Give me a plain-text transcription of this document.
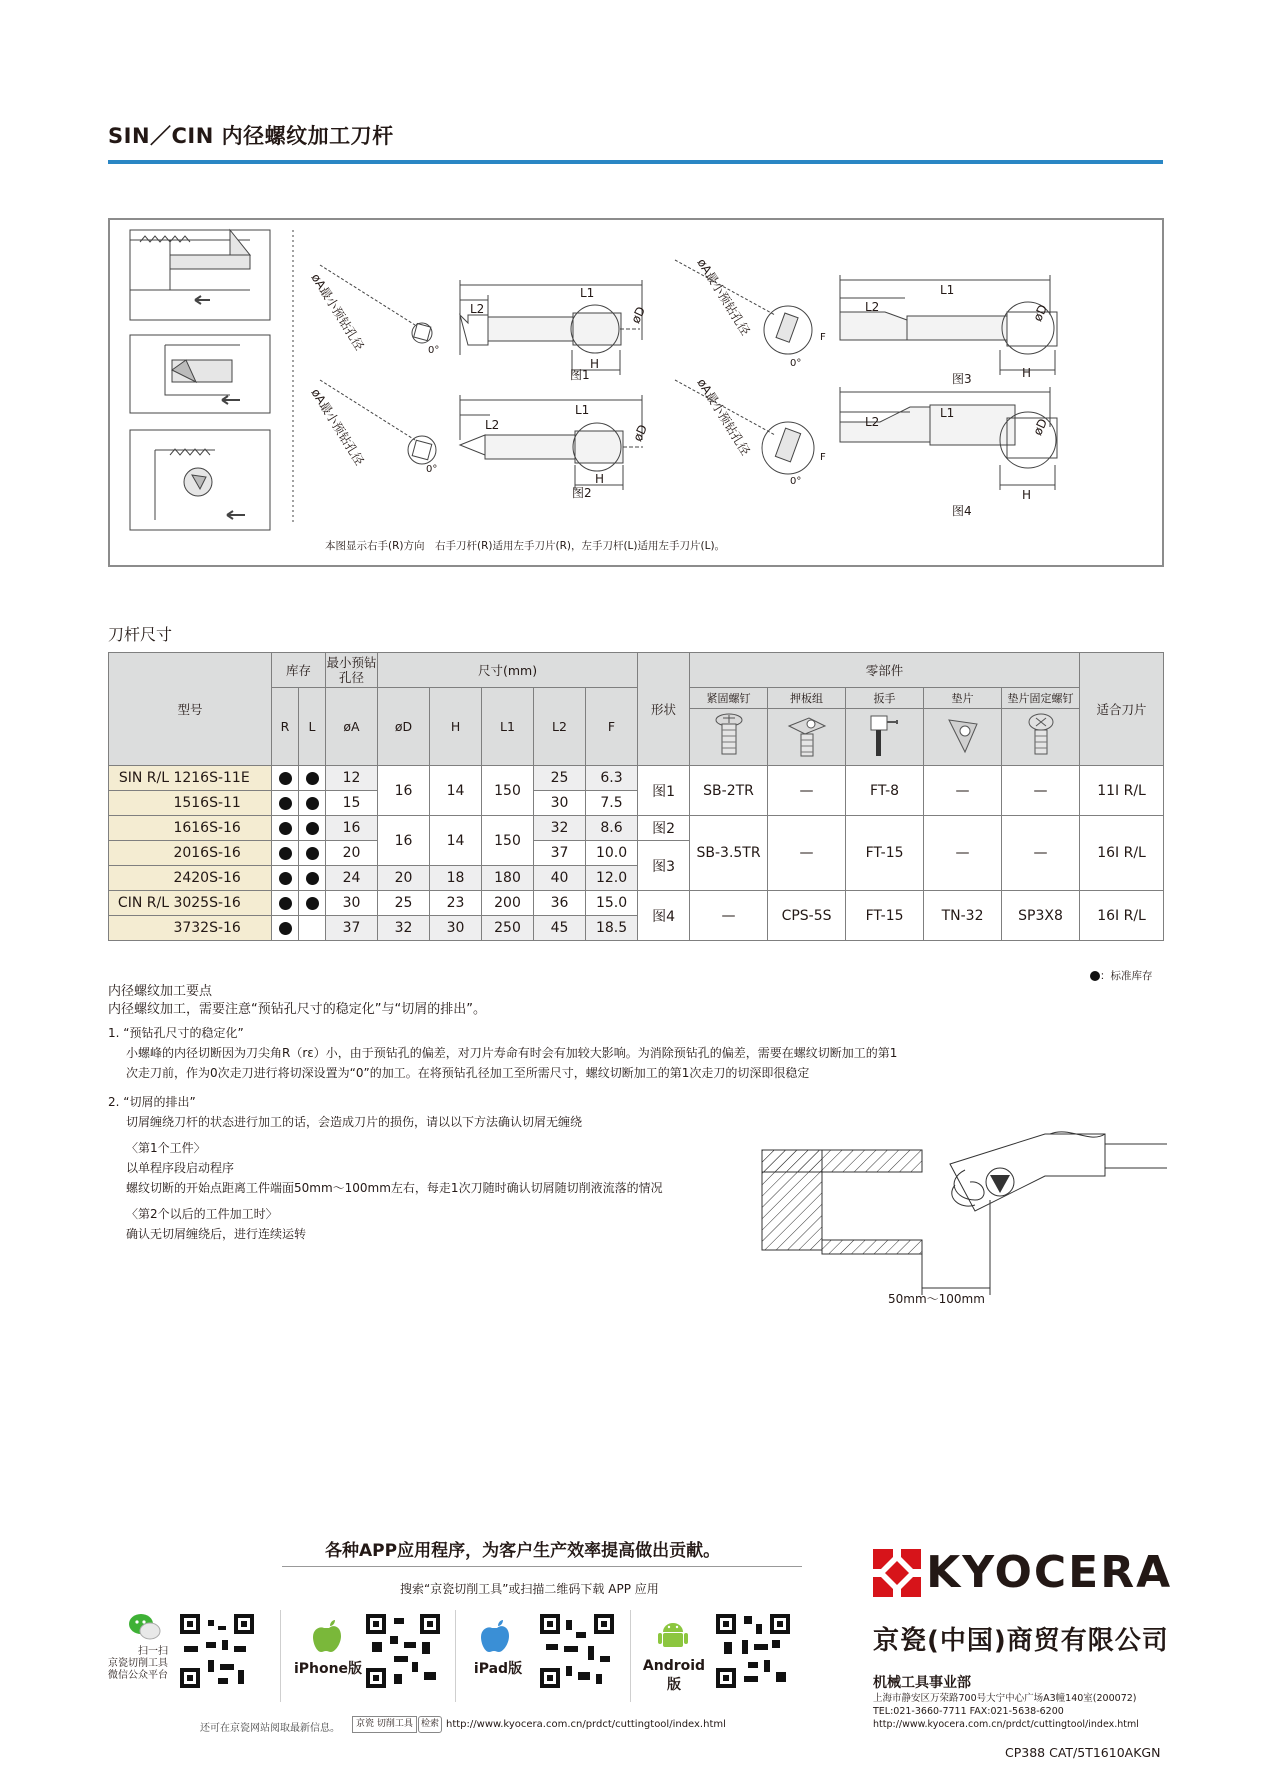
SIN／CIN 内径螺纹加工刀杆
图1
图2
图3
图4
L1
L2
H
L1
L2
H
L1
L2
H
L1
L2
H
øD
øD
øD
øD
øA最小预钻孔径
øA最小预钻孔径
øA最小预钻孔径
øA最小预钻孔径
0°
0°
0°
0°
F
F
本图显示右手(R)方向　右手刀杆(R)适用左手刀片(R)，左手刀杆(L)适用左手刀片(L)。
刀杆尺寸
型号	库存		最小预钻孔径	尺寸(mm)					形状	零部件					适合刀片
	R	L	øA	øD	H	L1	L2	F		紧固螺钉	押板组	扳手	垫片	垫片固定螺钉	

SIN R/L 1216S-11E			12	16	14	150	25	6.3	图1	SB-2TR	—	FT-8	—	—	11I R/L
1516S-11			15				30	7.5							
1616S-16			16	16	14	150	32	8.6	图2	SB-3.5TR	—	FT-15	—	—	16I R/L
2016S-16			20				37	10.0	图3						
2420S-16			24	20	18	180	40	12.0							
CIN R/L 3025S-16			30	25	23	200	36	15.0	图4	—	CPS-5S	FT-15	TN-32	SP3X8	16I R/L
3732S-16			37	32	30	250	45	18.5							
：标准库存
内径螺纹加工要点
内径螺纹加工，需要注意“预钻孔尺寸的稳定化”与“切屑的排出”。
1. “预钻孔尺寸的稳定化”
小螺峰的内径切断因为刀尖角R（rε）小，由于预钻孔的偏差，对刀片寿命有时会有加较大影响。为消除预钻孔的偏差，需要在螺纹切断加工的第1
次走刀前，作为0次走刀进行将切深设置为“0”的加工。在将预钻孔径加工至所需尺寸，螺纹切断加工的第1次走刀的切深即很稳定
2. “切屑的排出”
切屑缠绕刀杆的状态进行加工的话，会造成刀片的损伤，请以以下方法确认切屑无缠绕
〈第1个工件〉
以单程序段启动程序
螺纹切断的开始点距离工件端面50mm～100mm左右，每走1次刀随时确认切屑随切削液流落的情况
〈第2个以后的工件加工时〉
确认无切屑缠绕后，进行连续运转
50mm～100mm
各种APP应用程序，为客户生产效率提高做出贡献。
搜索“京瓷切削工具”或扫描二维码下载 APP 应用
扫一扫
京瓷切削工具
微信公众平台	iPhone版	iPad版	Android版
还可在京瓷网站阅取最新信息。	京瓷 切削工具 检索 http://www.kyocera.com.cn/prdct/cuttingtool/index.html
KYOCERA
京瓷(中国)商贸有限公司
机械工具事业部
上海市静安区万荣路700号大宁中心广场A3幢140室(200072)
TEL:021-3660-7711 FAX:021-5638-6200
http://www.kyocera.com.cn/prdct/cuttingtool/index.html
CP388 CAT/5T1610AKGN
